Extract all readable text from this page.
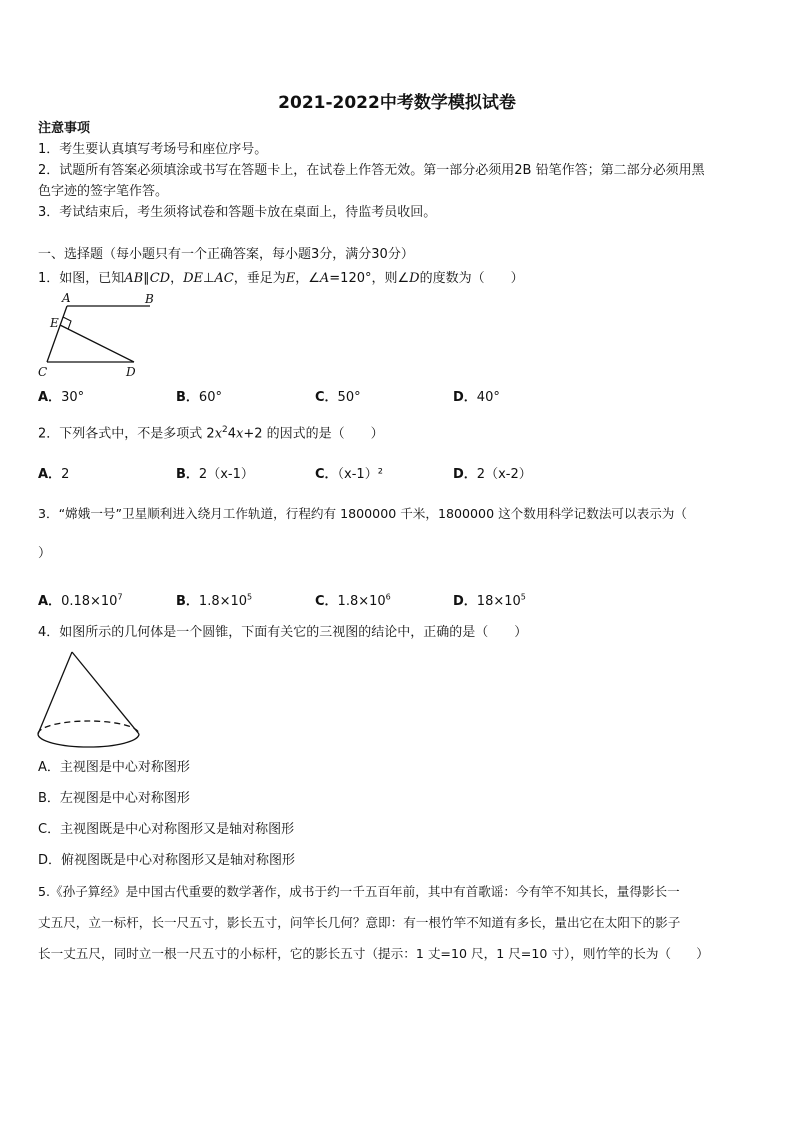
2021-2022中考数学模拟试卷
注意事项
1．考生要认真填写考场号和座位序号。
2．试题所有答案必须填涂或书写在答题卡上，在试卷上作答无效。第一部分必须用2B 铅笔作答；第二部分必须用黑
色字迹的签字笔作答。
3．考试结束后，考生须将试卷和答题卡放在桌面上，待监考员收回。
一、选择题（每小题只有一个正确答案，每小题3分，满分30分）
1．如图，已知AB∥CD，DE⊥AC，垂足为E，∠A=120°，则∠D的度数为（　　）
A	B
E
C	D
A．30°	B．60°	C．50°	D．40°
2．下列各式中，不是多项式 $2x^24x+2$ 的因式的是（　　）
A．2	B．2（x-1）	C．（x-1）²	D．2（x-2）
3．“嫦娥一号”卫星顺利进入绕月工作轨道，行程约有 1800000 千米，1800000 这个数用科学记数法可以表示为（
）
A．$0.18\times 10^7$	B．$1.8\times 10^5$	C．$1.8\times 10^6$	D．$18\times 10^5$
4．如图所示的几何体是一个圆锥，下面有关它的三视图的结论中，正确的是（　　）
A．主视图是中心对称图形
B．左视图是中心对称图形
C．主视图既是中心对称图形又是轴对称图形
D．俯视图既是中心对称图形又是轴对称图形
5.《孙子算经》是中国古代重要的数学著作，成书于约一千五百年前，其中有首歌谣：今有竿不知其长，量得影长一
丈五尺，立一标杆，长一尺五寸，影长五寸，问竿长几何？意即：有一根竹竿不知道有多长，量出它在太阳下的影子
长一丈五尺，同时立一根一尺五寸的小标杆，它的影长五寸（提示：1 丈=10 尺，1 尺=10 寸），则竹竿的长为（　　）
